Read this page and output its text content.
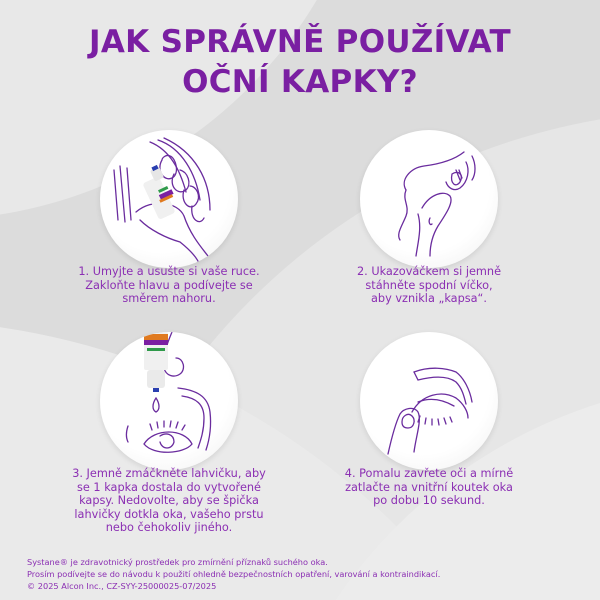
JAK SPRÁVNĚ POUŽÍVAT
OČNÍ KAPKY?
1. Umyjte a usušte si vaše ruce.
Zakloňte hlavu a podívejte se
směrem nahoru.
2. Ukazováčkem si jemně
stáhněte spodní víčko,
aby vznikla „kapsa“.
3. Jemně zmáčkněte lahvičku, aby
se 1 kapka dostala do vytvořené
kapsy. Nedovolte, aby se špička
lahvičky dotkla oka, vašeho prstu
nebo čehokoliv jiného.
4. Pomalu zavřete oči a mírně
zatlačte na vnitřní koutek oka
po dobu 10 sekund.
Systane® je zdravotnický prostředek pro zmírnění příznaků suchého oka.
Prosím podívejte se do návodu k použití ohledně bezpečnostních opatření, varování a kontraindikací.
© 2025 Alcon Inc., CZ-SYY-25000025-07/2025
